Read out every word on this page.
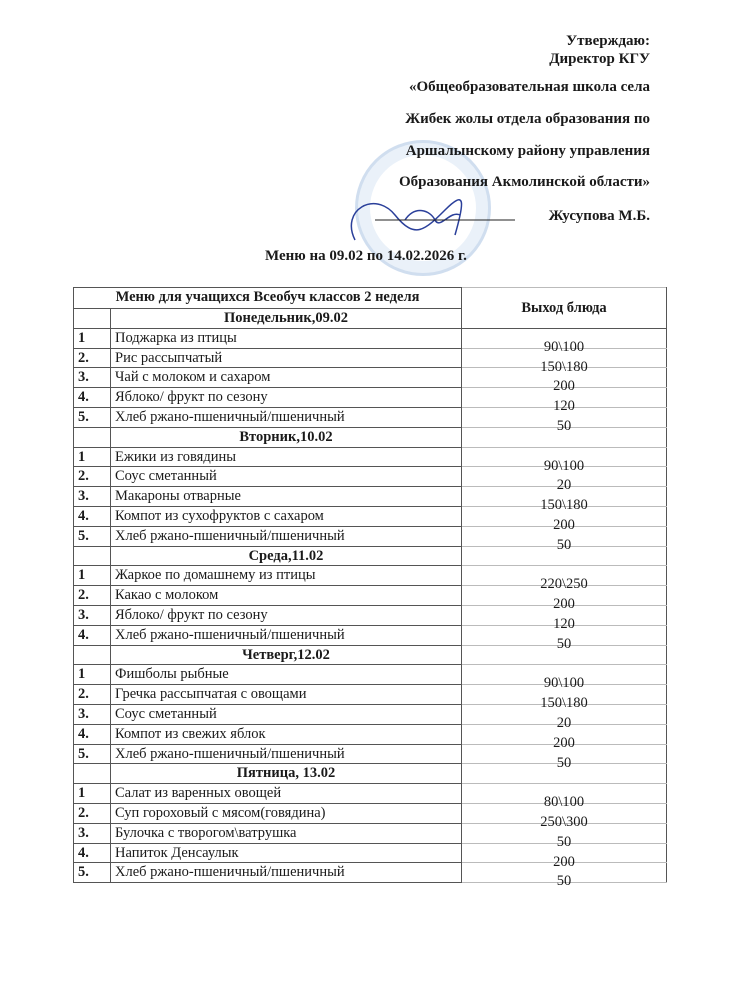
Утверждаю:
Директор КГУ
«Общеобразовательная школа села
Жибек жолы отдела образования по
Аршалынскому району управления
Образования Акмолинской области»
Жусупова М.Б.
Меню на 09.02 по 14.02.2026 г.
Меню для учащихся Всеобуч классов 2 неделя		Выход блюда
	Понедельник,09.02	
1	Поджарка из птицы	90\100
2.	Рис рассыпчатый	150\180
3.	Чай с молоком и сахаром	200
4.	Яблоко/ фрукт по сезону	120
5.	Хлеб ржано-пшеничный/пшеничный	50
	Вторник,10.02	
1	Ежики из говядины	90\100
2.	Соус сметанный	20
3.	Макароны отварные	150\180
4.	Компот из сухофруктов с сахаром	200
5.	Хлеб ржано-пшеничный/пшеничный	50
	Среда,11.02	
1	Жаркое по домашнему из птицы	220\250
2.	Какао с молоком	200
3.	Яблоко/ фрукт по сезону	120
4.	Хлеб ржано-пшеничный/пшеничный	50
	Четверг,12.02	
1	Фишболы рыбные	90\100
2.	Гречка рассыпчатая с овощами	150\180
3.	Соус сметанный	20
4.	Компот из свежих яблок	200
5.	Хлеб ржано-пшеничный/пшеничный	50
	Пятница, 13.02	
1	Салат из варенных овощей	80\100
2.	Суп гороховый с мясом(говядина)	250\300
3.	Булочка с творогом\ватрушка	50
4.	Напиток Денсаулык	200
5.	Хлеб ржано-пшеничный/пшеничный	50
